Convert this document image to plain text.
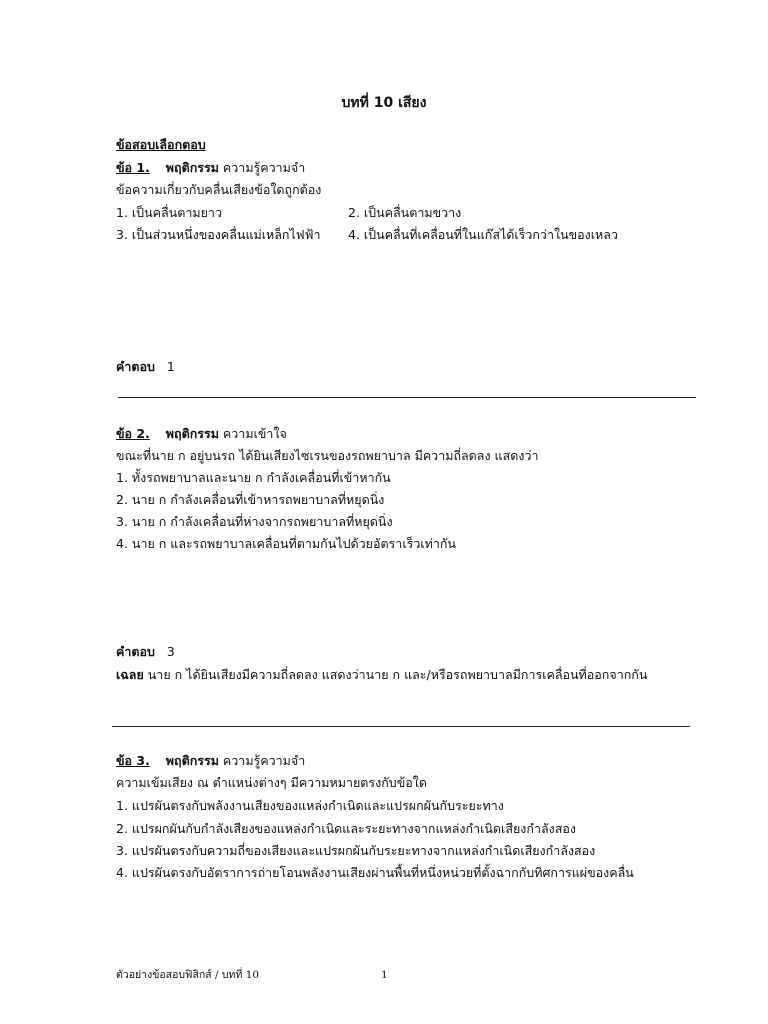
บทที่ 10 เสียง
ข้อสอบเลือกตอบ
ข้อ 1. พฤติกรรม ความรู้ความจำ
ข้อความเกี่ยวกับคลื่นเสียงข้อใดถูกต้อง
1. เป็นคลื่นตามยาว	2. เป็นคลื่นตามขวาง
3. เป็นส่วนหนึ่งของคลื่นแม่เหล็กไฟฟ้า 4. เป็นคลื่นที่เคลื่อนที่ในแก๊สได้เร็วกว่าในของเหลว
คำตอบ 1
ข้อ 2. พฤติกรรม ความเข้าใจ
ขณะที่นาย ก อยู่บนรถ ได้ยินเสียงไซเรนของรถพยาบาล มีความถี่ลดลง แสดงว่า
1. ทั้งรถพยาบาลและนาย ก กำลังเคลื่อนที่เข้าหากัน
2. นาย ก กำลังเคลื่อนที่เข้าหารถพยาบาลที่หยุดนิ่ง
3. นาย ก กำลังเคลื่อนที่ห่างจากรถพยาบาลที่หยุดนิ่ง
4. นาย ก และรถพยาบาลเคลื่อนที่ตามกันไปด้วยอัตราเร็วเท่ากัน
คำตอบ 3
เฉลย นาย ก ได้ยินเสียงมีความถี่ลดลง แสดงว่านาย ก และ/หรือรถพยาบาลมีการเคลื่อนที่ออกจากกัน
ข้อ 3. พฤติกรรม ความรู้ความจำ
ความเข้มเสียง ณ ตำแหน่งต่างๆ มีความหมายตรงกับข้อใด
1. แปรผันตรงกับพลังงานเสียงของแหล่งกำเนิดและแปรผกผันกับระยะทาง
2. แปรผกผันกับกำลังเสียงของแหล่งกำเนิดและระยะทางจากแหล่งกำเนิดเสียงกำลังสอง
3. แปรผันตรงกับความถี่ของเสียงและแปรผกผันกับระยะทางจากแหล่งกำเนิดเสียงกำลังสอง
4. แปรผันตรงกับอัตราการถ่ายโอนพลังงานเสียงผ่านพื้นที่หนึ่งหน่วยที่ตั้งฉากกับทิศการแผ่ของคลื่น
ตัวอย่างข้อสอบฟิสิกส์ / บทที่ 10	1
